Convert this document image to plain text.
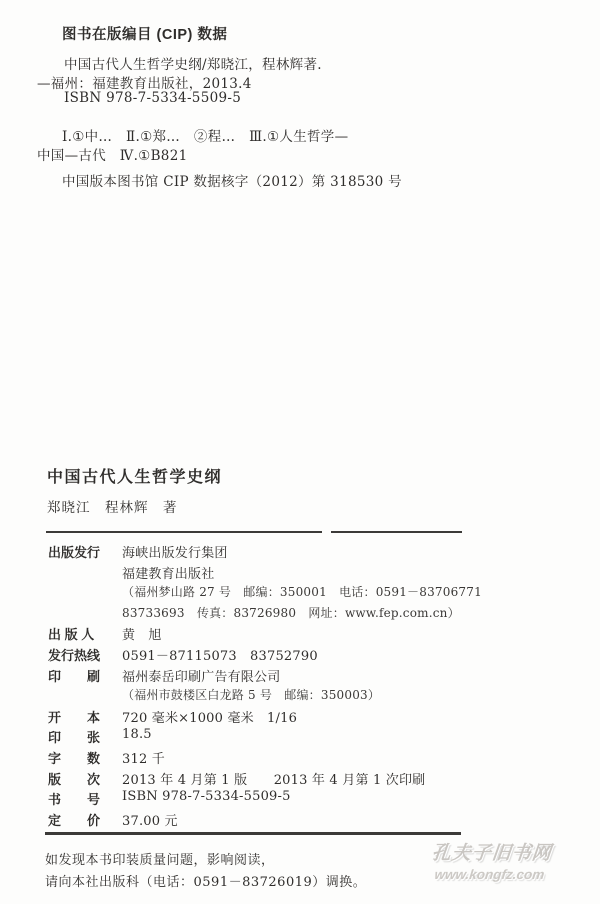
图书在版编目 (CIP) 数据
中国古代人生哲学史纲/郑晓江，程林辉著.
—福州：福建教育出版社，2013.4
ISBN 978-7-5334-5509-5
Ⅰ.①中…　Ⅱ.①郑…　②程…　Ⅲ.①人生哲学—
中国—古代　Ⅳ.①B821
中国版本图书馆 CIP 数据核字（2012）第 318530 号
中国古代人生哲学史纲
郑晓江　程林辉　著
出版发行	海峡出版发行集团
福建教育出版社
（福州梦山路 27 号　邮编：350001　电话：0591－83706771
83733693　传真：83726980　网址：www.fep.com.cn）
出 版 人	黄　旭
发行热线	0591－87115073　83752790
印　　刷	福州泰岳印刷广告有限公司
（福州市鼓楼区白龙路 5 号　邮编：350003）
开　　本	720 毫米×1000 毫米　1/16
印　　张	18.5
字　　数	312 千
版　　次	2013 年 4 月第 1 版　　2013 年 4 月第 1 次印刷
书　　号	ISBN 978-7-5334-5509-5
定　　价	37.00 元
如发现本书印装质量问题，影响阅读，
请向本社出版科（电话：0591－83726019）调换。
孔夫子旧书网
www.kongfz.com
